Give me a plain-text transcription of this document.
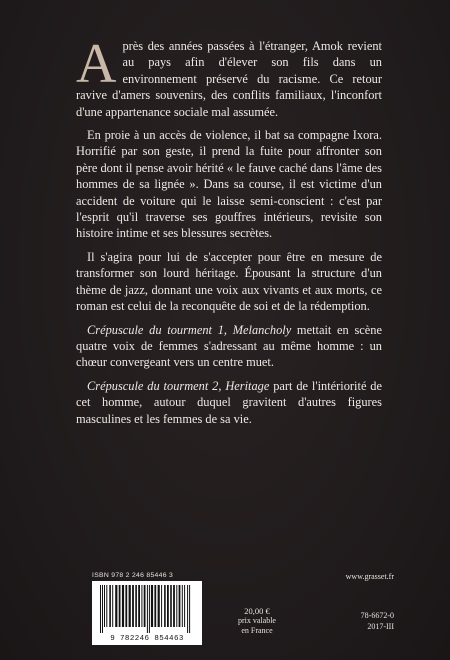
Après des années passées à l'étranger, Amok revient au pays afin d'élever son fils dans un environnement préservé du racisme. Ce retour ravive d'amers souvenirs, des conflits familiaux, l'inconfort d'une appartenance sociale mal assumée.

En proie à un accès de violence, il bat sa compagne Ixora. Horrifié par son geste, il prend la fuite pour affronter son père dont il pense avoir hérité « le fauve caché dans l'âme des hommes de sa lignée ». Dans sa course, il est victime d'un accident de voiture qui le laisse semi-conscient : c'est par l'esprit qu'il traverse ses gouffres intérieurs, revisite son histoire intime et ses blessures secrètes.

Il s'agira pour lui de s'accepter pour être en mesure de transformer son lourd héritage. Épousant la structure d'un thème de jazz, donnant une voix aux vivants et aux morts, ce roman est celui de la reconquête de soi et de la rédemption.

Crépuscule du tourment 1, Melancholy mettait en scène quatre voix de femmes s'adressant au même homme : un chœur convergeant vers un centre muet.

Crépuscule du tourment 2, Heritage part de l'intériorité de cet homme, autour duquel gravitent d'autres figures masculines et les femmes de sa vie.

ISBN 978 2 246 85446 3
9 782246 854463
20,00 €
prix valable
en France
www.grasset.fr
78-6672-0
2017-III
